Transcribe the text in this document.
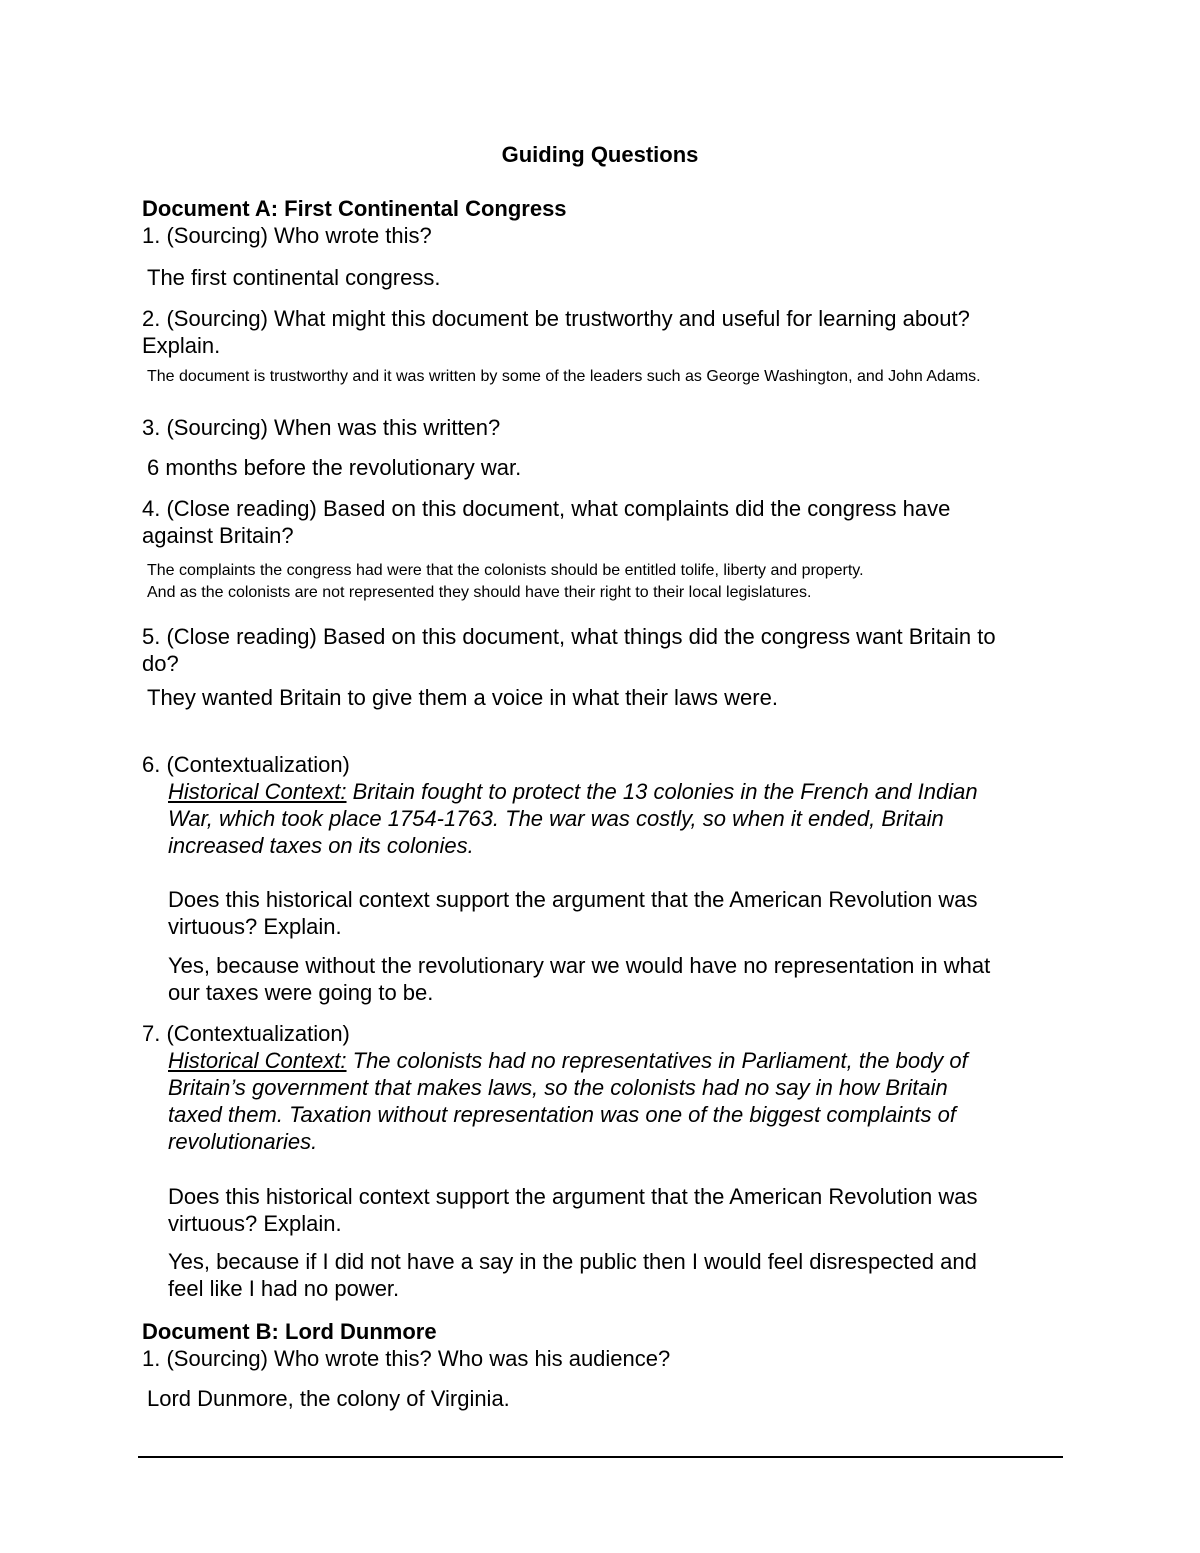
Guiding Questions
Document A: First Continental Congress
1. (Sourcing) Who wrote this?
The first continental congress.
2. (Sourcing) What might this document be trustworthy and useful for learning about?
Explain.
The document is trustworthy and it was written by some of the leaders such as George Washington, and John Adams.
3. (Sourcing) When was this written?
6 months before the revolutionary war.
4. (Close reading) Based on this document, what complaints did the congress have
against Britain?
The complaints the congress had were that the colonists should be entitled tolife, liberty and property.
And as the colonists are not represented they should have their right to their local legislatures.
5. (Close reading) Based on this document, what things did the congress want Britain to
do?
They wanted Britain to give them a voice in what their laws were.
6. (Contextualization)
Historical Context: Britain fought to protect the 13 colonies in the French and Indian
War, which took place 1754-1763. The war was costly, so when it ended, Britain
increased taxes on its colonies.
Does this historical context support the argument that the American Revolution was
virtuous? Explain.
Yes, because without the revolutionary war we would have no representation in what
our taxes were going to be.
7. (Contextualization)
Historical Context: The colonists had no representatives in Parliament, the body of
Britain’s government that makes laws, so the colonists had no say in how Britain
taxed them. Taxation without representation was one of the biggest complaints of
revolutionaries.
Does this historical context support the argument that the American Revolution was
virtuous? Explain.
Yes, because if I did not have a say in the public then I would feel disrespected and
feel like I had no power.
Document B: Lord Dunmore
1. (Sourcing) Who wrote this? Who was his audience?
Lord Dunmore, the colony of Virginia.
